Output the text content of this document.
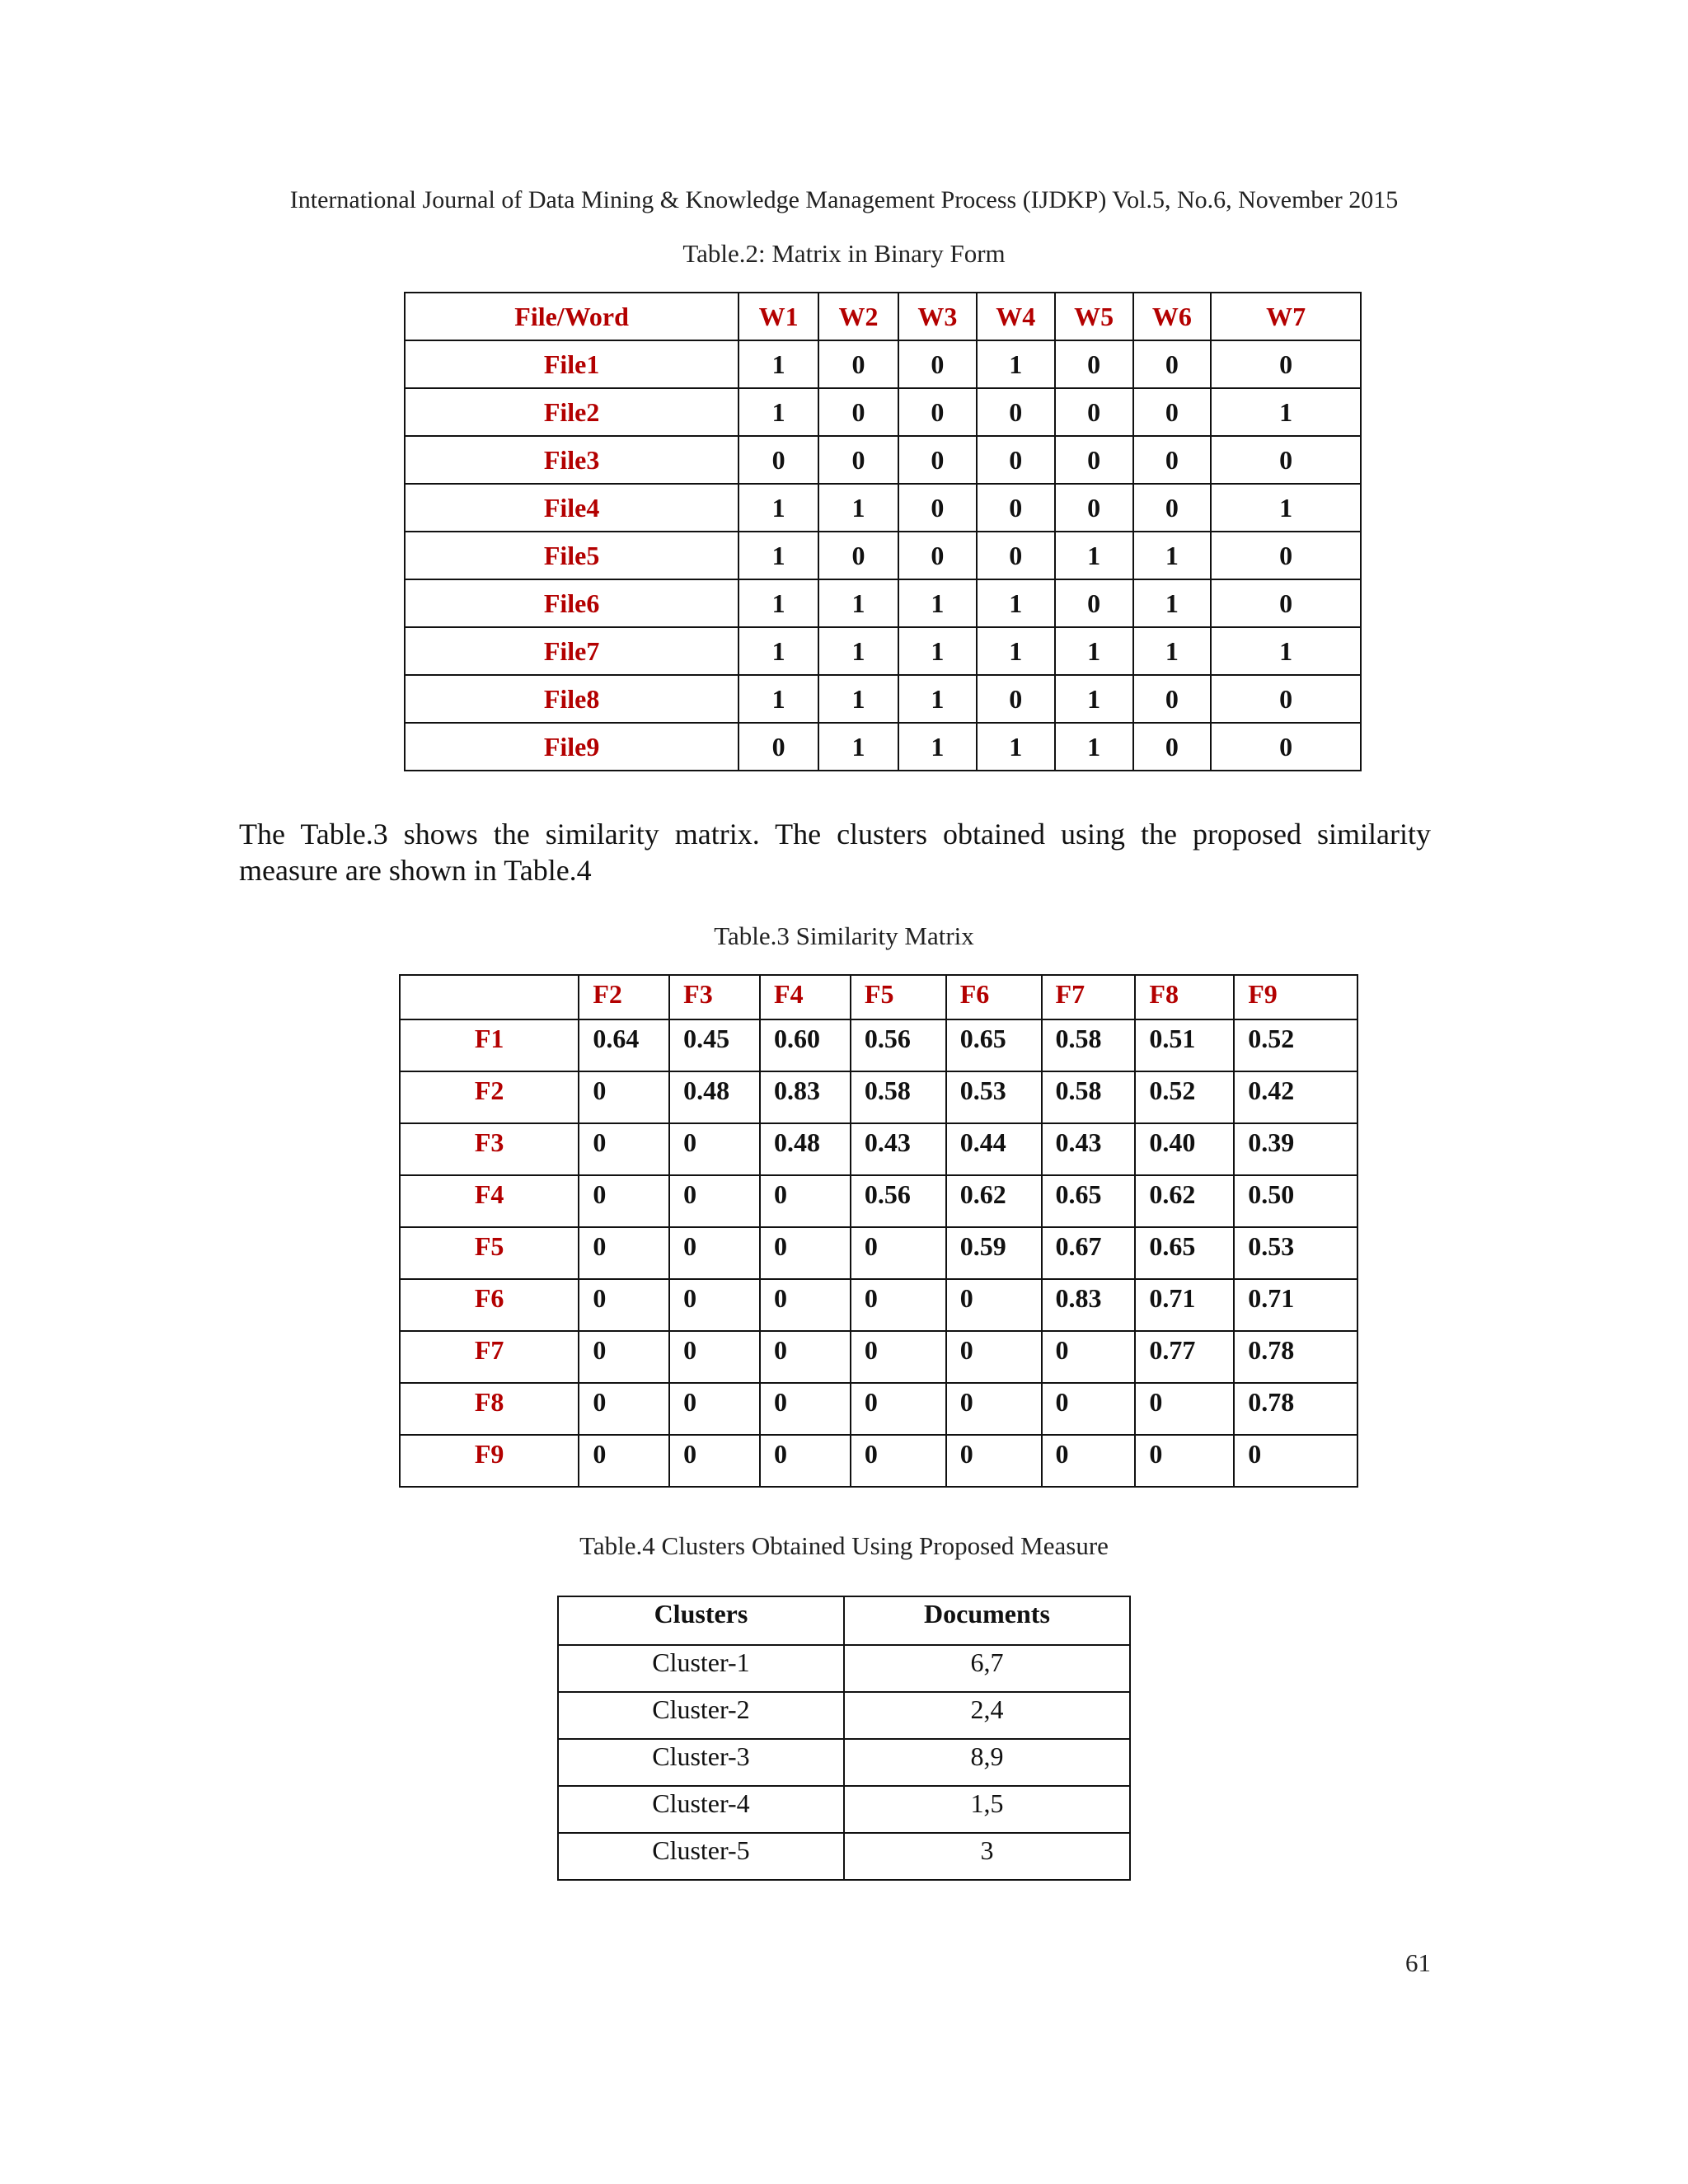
International Journal of Data Mining & Knowledge Management Process (IJDKP) Vol.5, No.6, November 2015
Table.2: Matrix in Binary Form
File/Word	W1	W2	W3	W4	W5	W6	W7
File1	1	0	0	1	0	0	0
File2	1	0	0	0	0	0	1
File3	0	0	0	0	0	0	0
File4	1	1	0	0	0	0	1
File5	1	0	0	0	1	1	0
File6	1	1	1	1	0	1	0
File7	1	1	1	1	1	1	1
File8	1	1	1	0	1	0	0
File9	0	1	1	1	1	0	0
The Table.3 shows the similarity matrix. The clusters obtained using the proposed similarity measure are shown in Table.4
Table.3 Similarity Matrix
	F2	F3	F4	F5	F6	F7	F8	F9
F1	0.64	0.45	0.60	0.56	0.65	0.58	0.51	0.52
F2	0	0.48	0.83	0.58	0.53	0.58	0.52	0.42
F3	0	0	0.48	0.43	0.44	0.43	0.40	0.39
F4	0	0	0	0.56	0.62	0.65	0.62	0.50
F5	0	0	0	0	0.59	0.67	0.65	0.53
F6	0	0	0	0	0	0.83	0.71	0.71
F7	0	0	0	0	0	0	0.77	0.78
F8	0	0	0	0	0	0	0	0.78
F9	0	0	0	0	0	0	0	0
Table.4 Clusters Obtained Using Proposed Measure
Clusters	Documents
Cluster-1	6,7
Cluster-2	2,4
Cluster-3	8,9
Cluster-4	1,5
Cluster-5	3
61
